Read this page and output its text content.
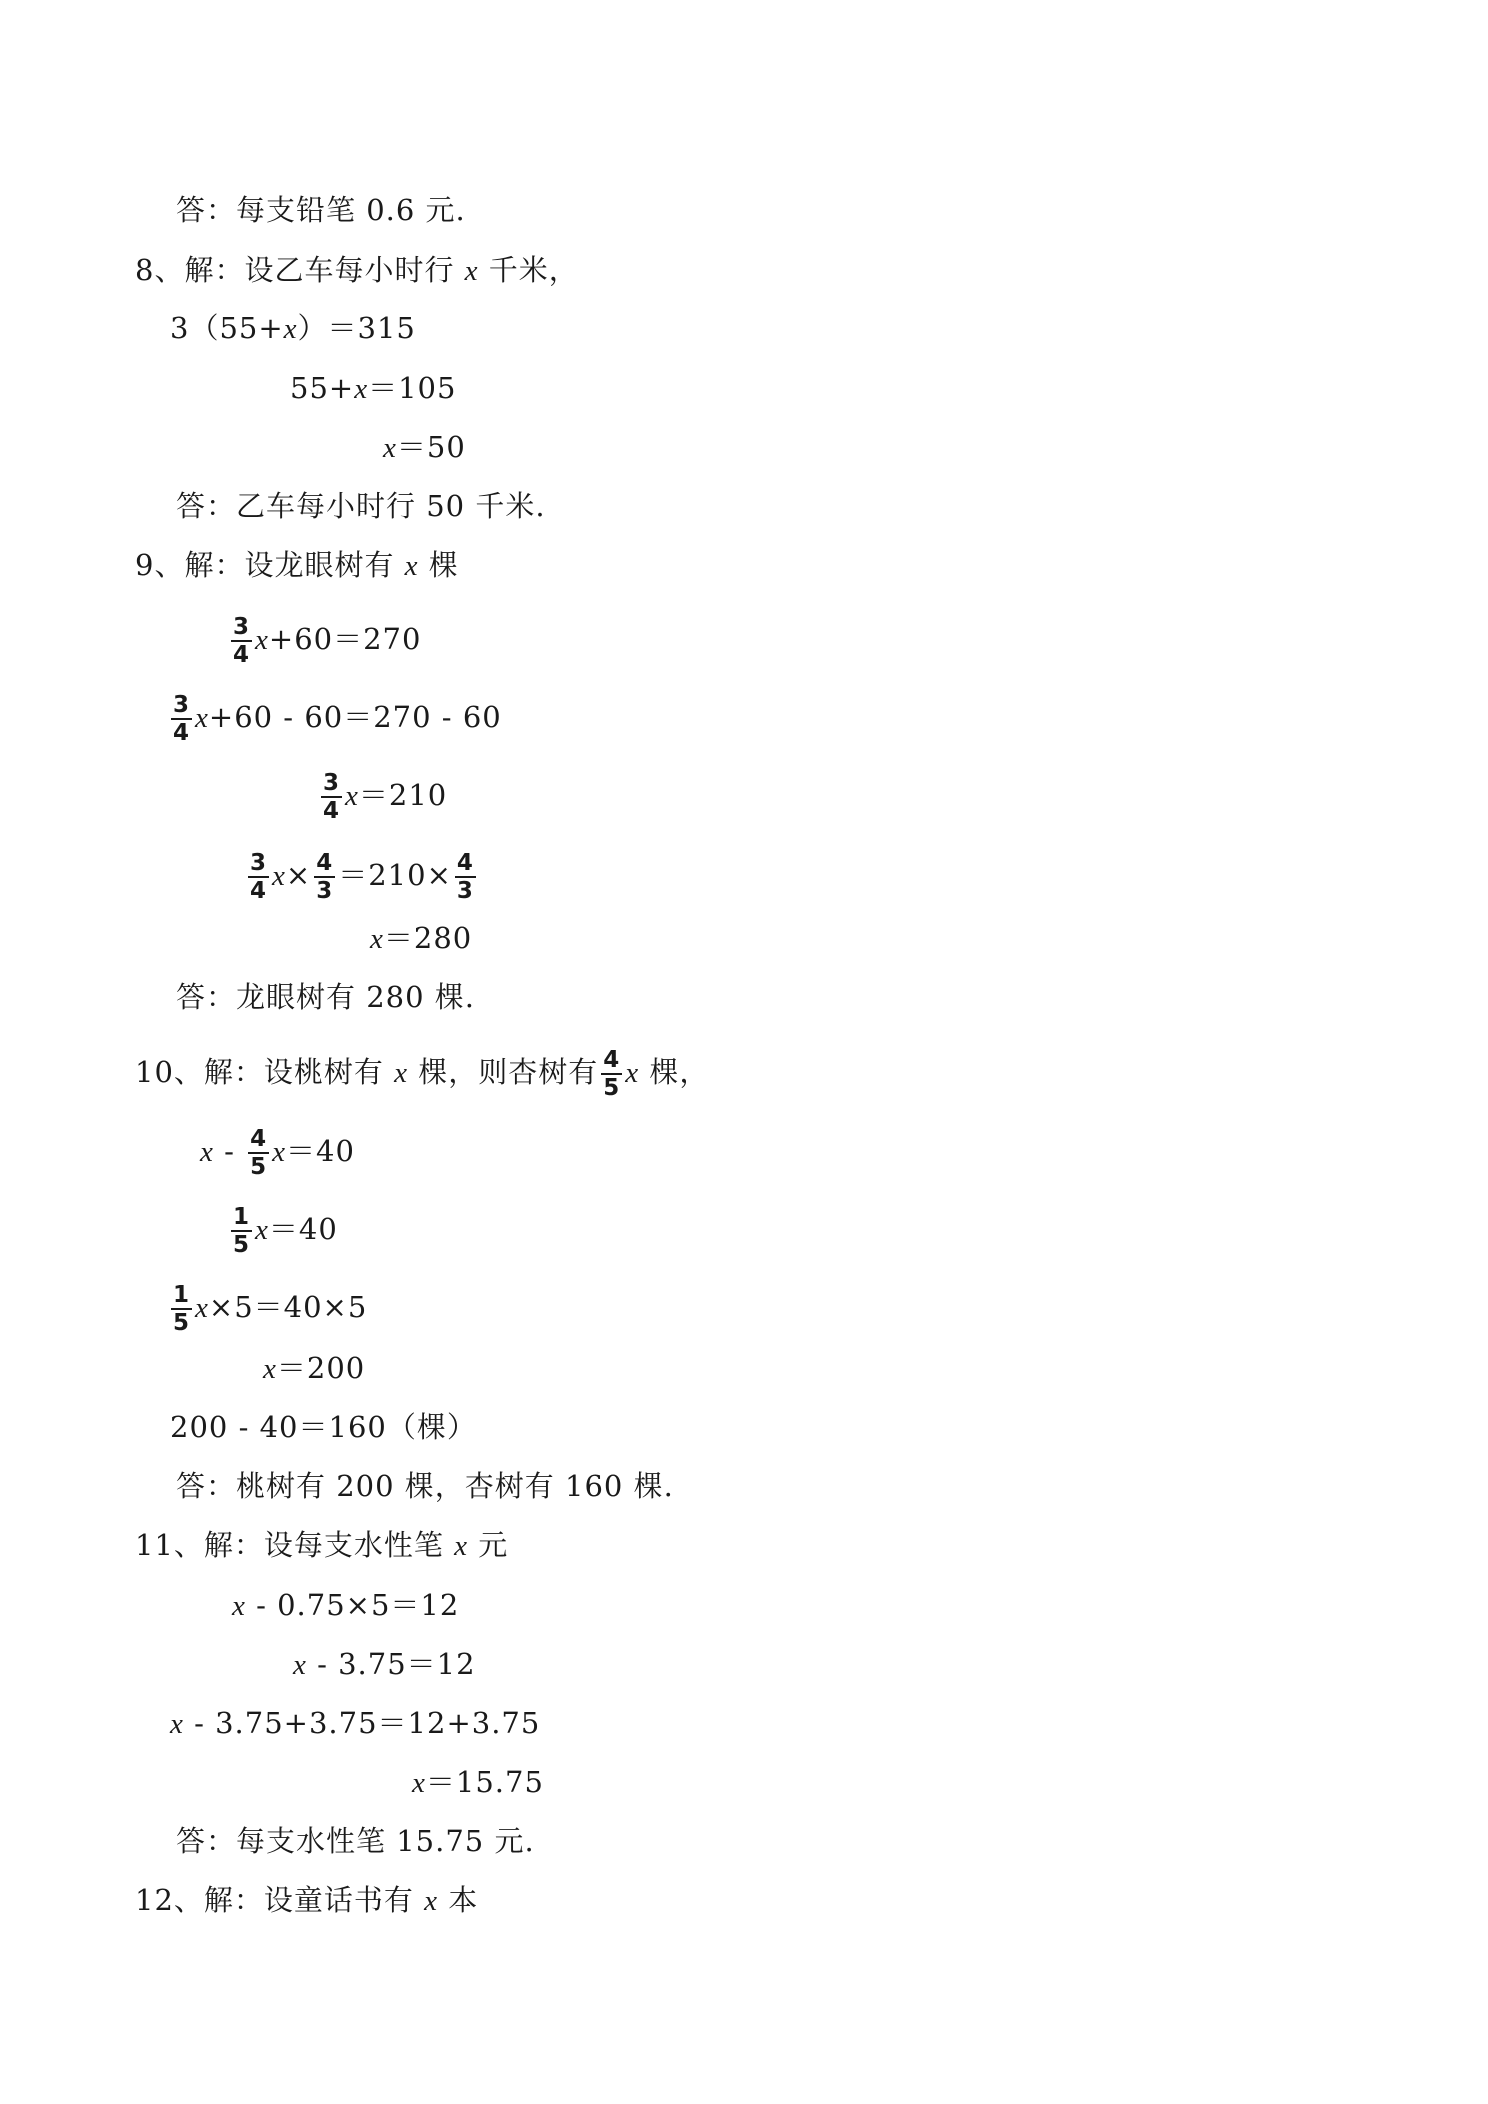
答：每支铅笔 0.6 元.
8、解：设乙车每小时行 x 千米，
3（55+x）＝315
55+x＝105
x＝50
答：乙车每小时行 50 千米.
9、解：设龙眼树有 x 棵
$\frac{3}{4} x+60=270$
$\frac{3}{4} x+60 - 60=270 - 60$
$\frac{3}{4} x=210$
$\frac{3}{4} x\times \frac{4}{3} =210\times \frac{4}{3}$
x＝280
答：龙眼树有 280 棵.
10、解：设桃树有 x 棵，则杏树有 $\frac{4}{5}$ x 棵，
$x - \frac{4}{5} x=40$
$\frac{1}{5} x=40$
$\frac{1}{5} x\times 5=40\times 5$
x＝200
200 - 40＝160（棵）
答：桃树有 200 棵，杏树有 160 棵.
11、解：设每支水性笔 x 元
x - 0.75×5＝12
x - 3.75＝12
x - 3.75+3.75＝12+3.75
x＝15.75
答：每支水性笔 15.75 元.
12、解：设童话书有 x 本
